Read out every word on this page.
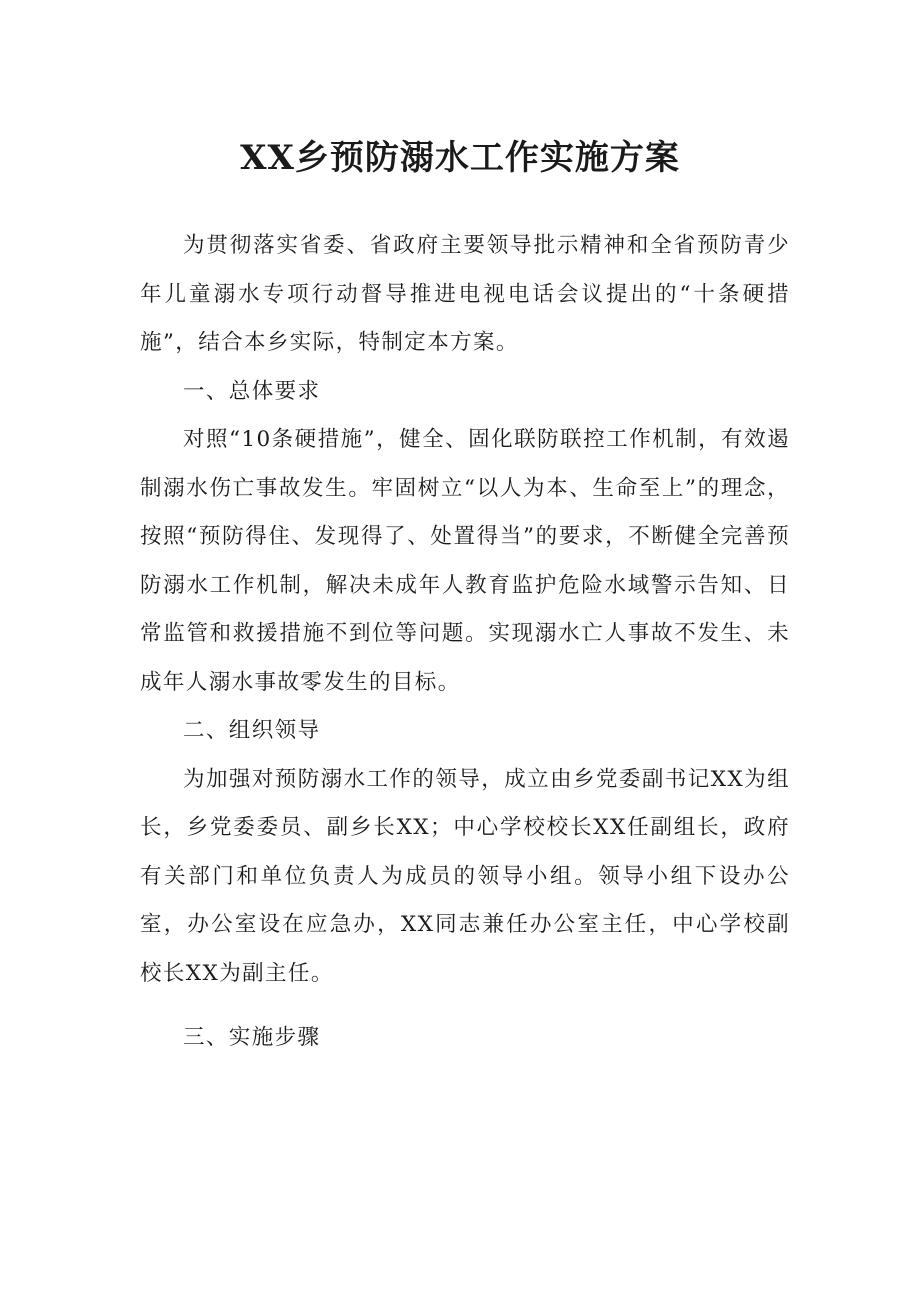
XX乡预防溺水工作实施方案

为贯彻落实省委、省政府主要领导批示精神和全省预防青少年儿童溺水专项行动督导推进电视电话会议提出的“十条硬措施”，结合本乡实际，特制定本方案。

一、总体要求

对照“10条硬措施”，健全、固化联防联控工作机制，有效遏制溺水伤亡事故发生。牢固树立“以人为本、生命至上”的理念，按照“预防得住、发现得了、处置得当”的要求，不断健全完善预防溺水工作机制，解决未成年人教育监护危险水域警示告知、日常监管和救援措施不到位等问题。实现溺水亡人事故不发生、未成年人溺水事故零发生的目标。

二、组织领导

为加强对预防溺水工作的领导，成立由乡党委副书记XX为组长，乡党委委员、副乡长XX；中心学校校长XX任副组长，政府有关部门和单位负责人为成员的领导小组。领导小组下设办公室，办公室设在应急办，XX同志兼任办公室主任，中心学校副校长XX为副主任。

三、实施步骤
